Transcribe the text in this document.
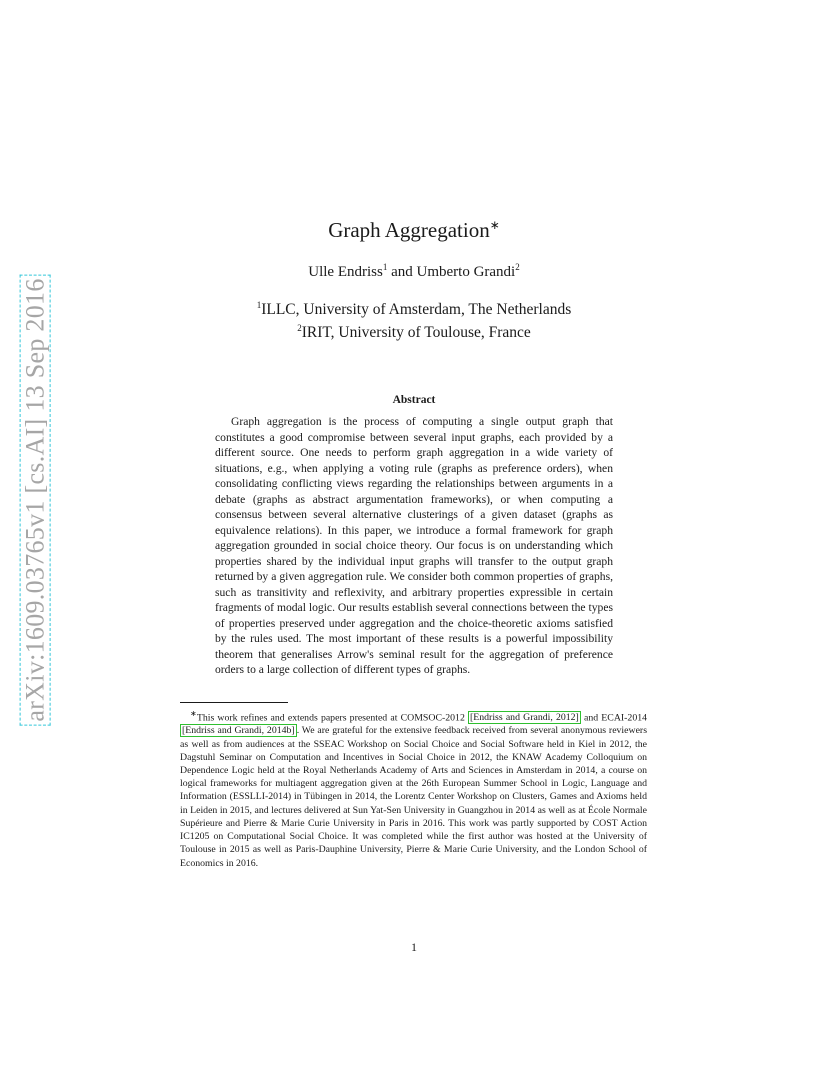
arXiv:1609.03765v1 [cs.AI] 13 Sep 2016
Graph Aggregation∗
Ulle Endriss$^1$ and Umberto Grandi$^2$
$^1$ILLC, University of Amsterdam, The Netherlands
$^2$IRIT, University of Toulouse, France
Abstract

Graph aggregation is the process of computing a single output graph that constitutes a good compromise between several input graphs, each provided by a different source. One needs to perform graph aggregation in a wide variety of situations, e.g., when applying a voting rule (graphs as preference orders), when consolidating conflicting views regarding the relationships between arguments in a debate (graphs as abstract argumentation frameworks), or when computing a consensus between several alternative clusterings of a given dataset (graphs as equivalence relations). In this paper, we introduce a formal framework for graph aggregation grounded in social choice theory. Our focus is on understanding which properties shared by the individual input graphs will transfer to the output graph returned by a given aggregation rule. We consider both common properties of graphs, such as transitivity and reflexivity, and arbitrary properties expressible in certain fragments of modal logic. Our results establish several connections between the types of properties preserved under aggregation and the choice-theoretic axioms satisfied by the rules used. The most important of these results is a powerful impossibility theorem that generalises Arrow's seminal result for the aggregation of preference orders to a large collection of different types of graphs.

∗This work refines and extends papers presented at COMSOC-2012 [Endriss and Grandi, 2012] and ECAI-2014 [Endriss and Grandi, 2014b] . We are grateful for the extensive feedback received from several anonymous reviewers as well as from audiences at the SSEAC Workshop on Social Choice and Social Software held in Kiel in 2012, the Dagstuhl Seminar on Computation and Incentives in Social Choice in 2012, the KNAW Academy Colloquium on Dependence Logic held at the Royal Netherlands Academy of Arts and Sciences in Amsterdam in 2014, a course on logical frameworks for multiagent aggregation given at the 26th European Summer School in Logic, Language and Information (ESSLLI-2014) in Tübingen in 2014, the Lorentz Center Workshop on Clusters, Games and Axioms held in Leiden in 2015, and lectures delivered at Sun Yat-Sen University in Guangzhou in 2014 as well as at École Normale Supérieure and Pierre & Marie Curie University in Paris in 2016. This work was partly supported by COST Action IC1205 on Computational Social Choice. It was completed while the first author was hosted at the University of Toulouse in 2015 as well as Paris-Dauphine University, Pierre & Marie Curie University, and the London School of Economics in 2016.

1
